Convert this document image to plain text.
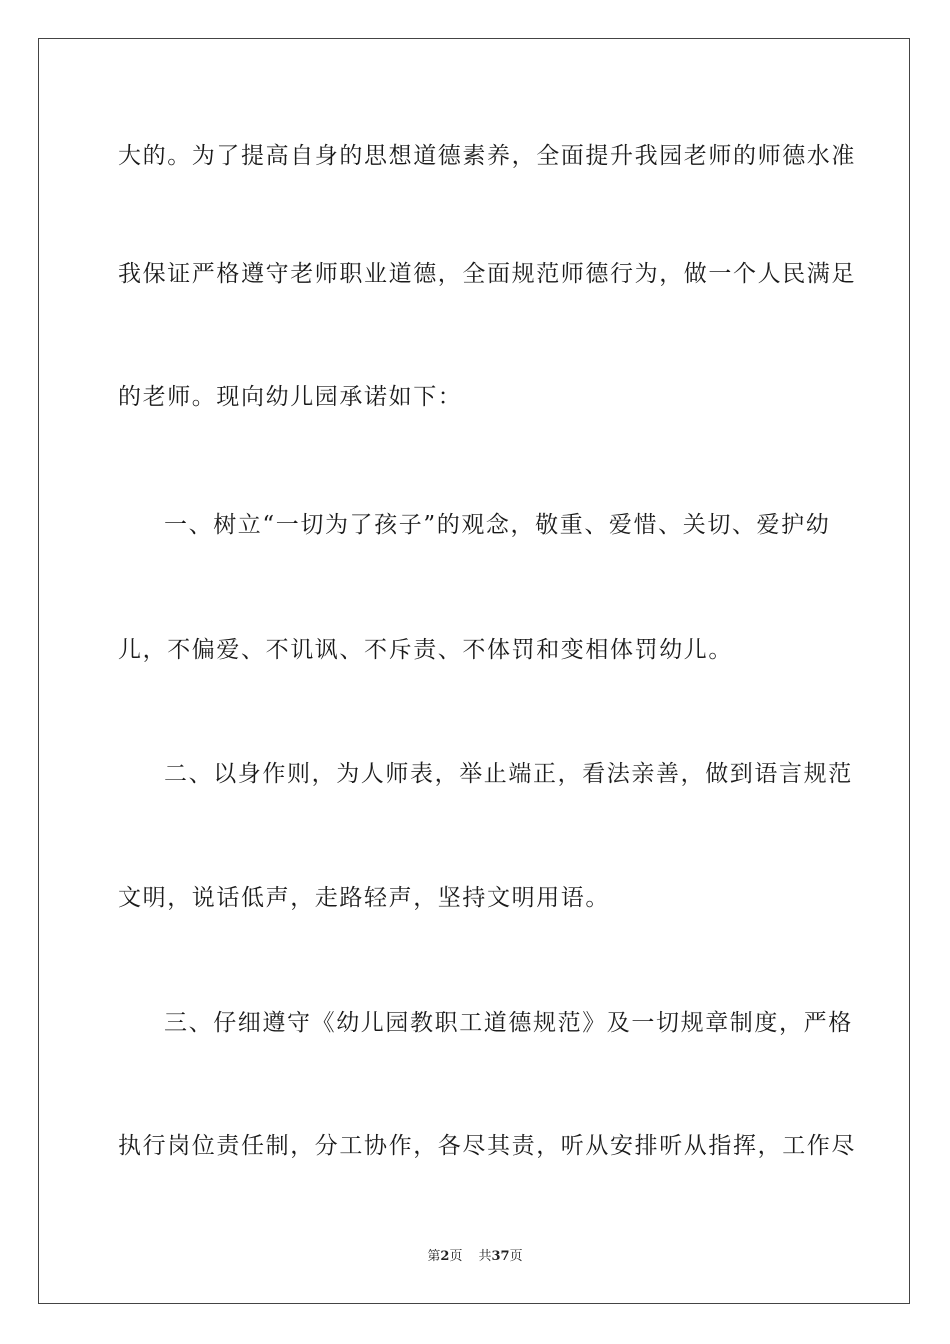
大的。为了提高自身的思想道德素养，全面提升我园老师的师德水准
我保证严格遵守老师职业道德，全面规范师德行为，做一个人民满足
的老师。现向幼儿园承诺如下：
一、树立“一切为了孩子”的观念，敬重、爱惜、关切、爱护幼
儿，不偏爱、不讥讽、不斥责、不体罚和变相体罚幼儿。
二、以身作则，为人师表，举止端正，看法亲善，做到语言规范
文明，说话低声，走路轻声，坚持文明用语。
三、仔细遵守《幼儿园教职工道德规范》及一切规章制度，严格
执行岗位责任制，分工协作，各尽其责，听从安排听从指挥，工作尽
第2页 共37页
